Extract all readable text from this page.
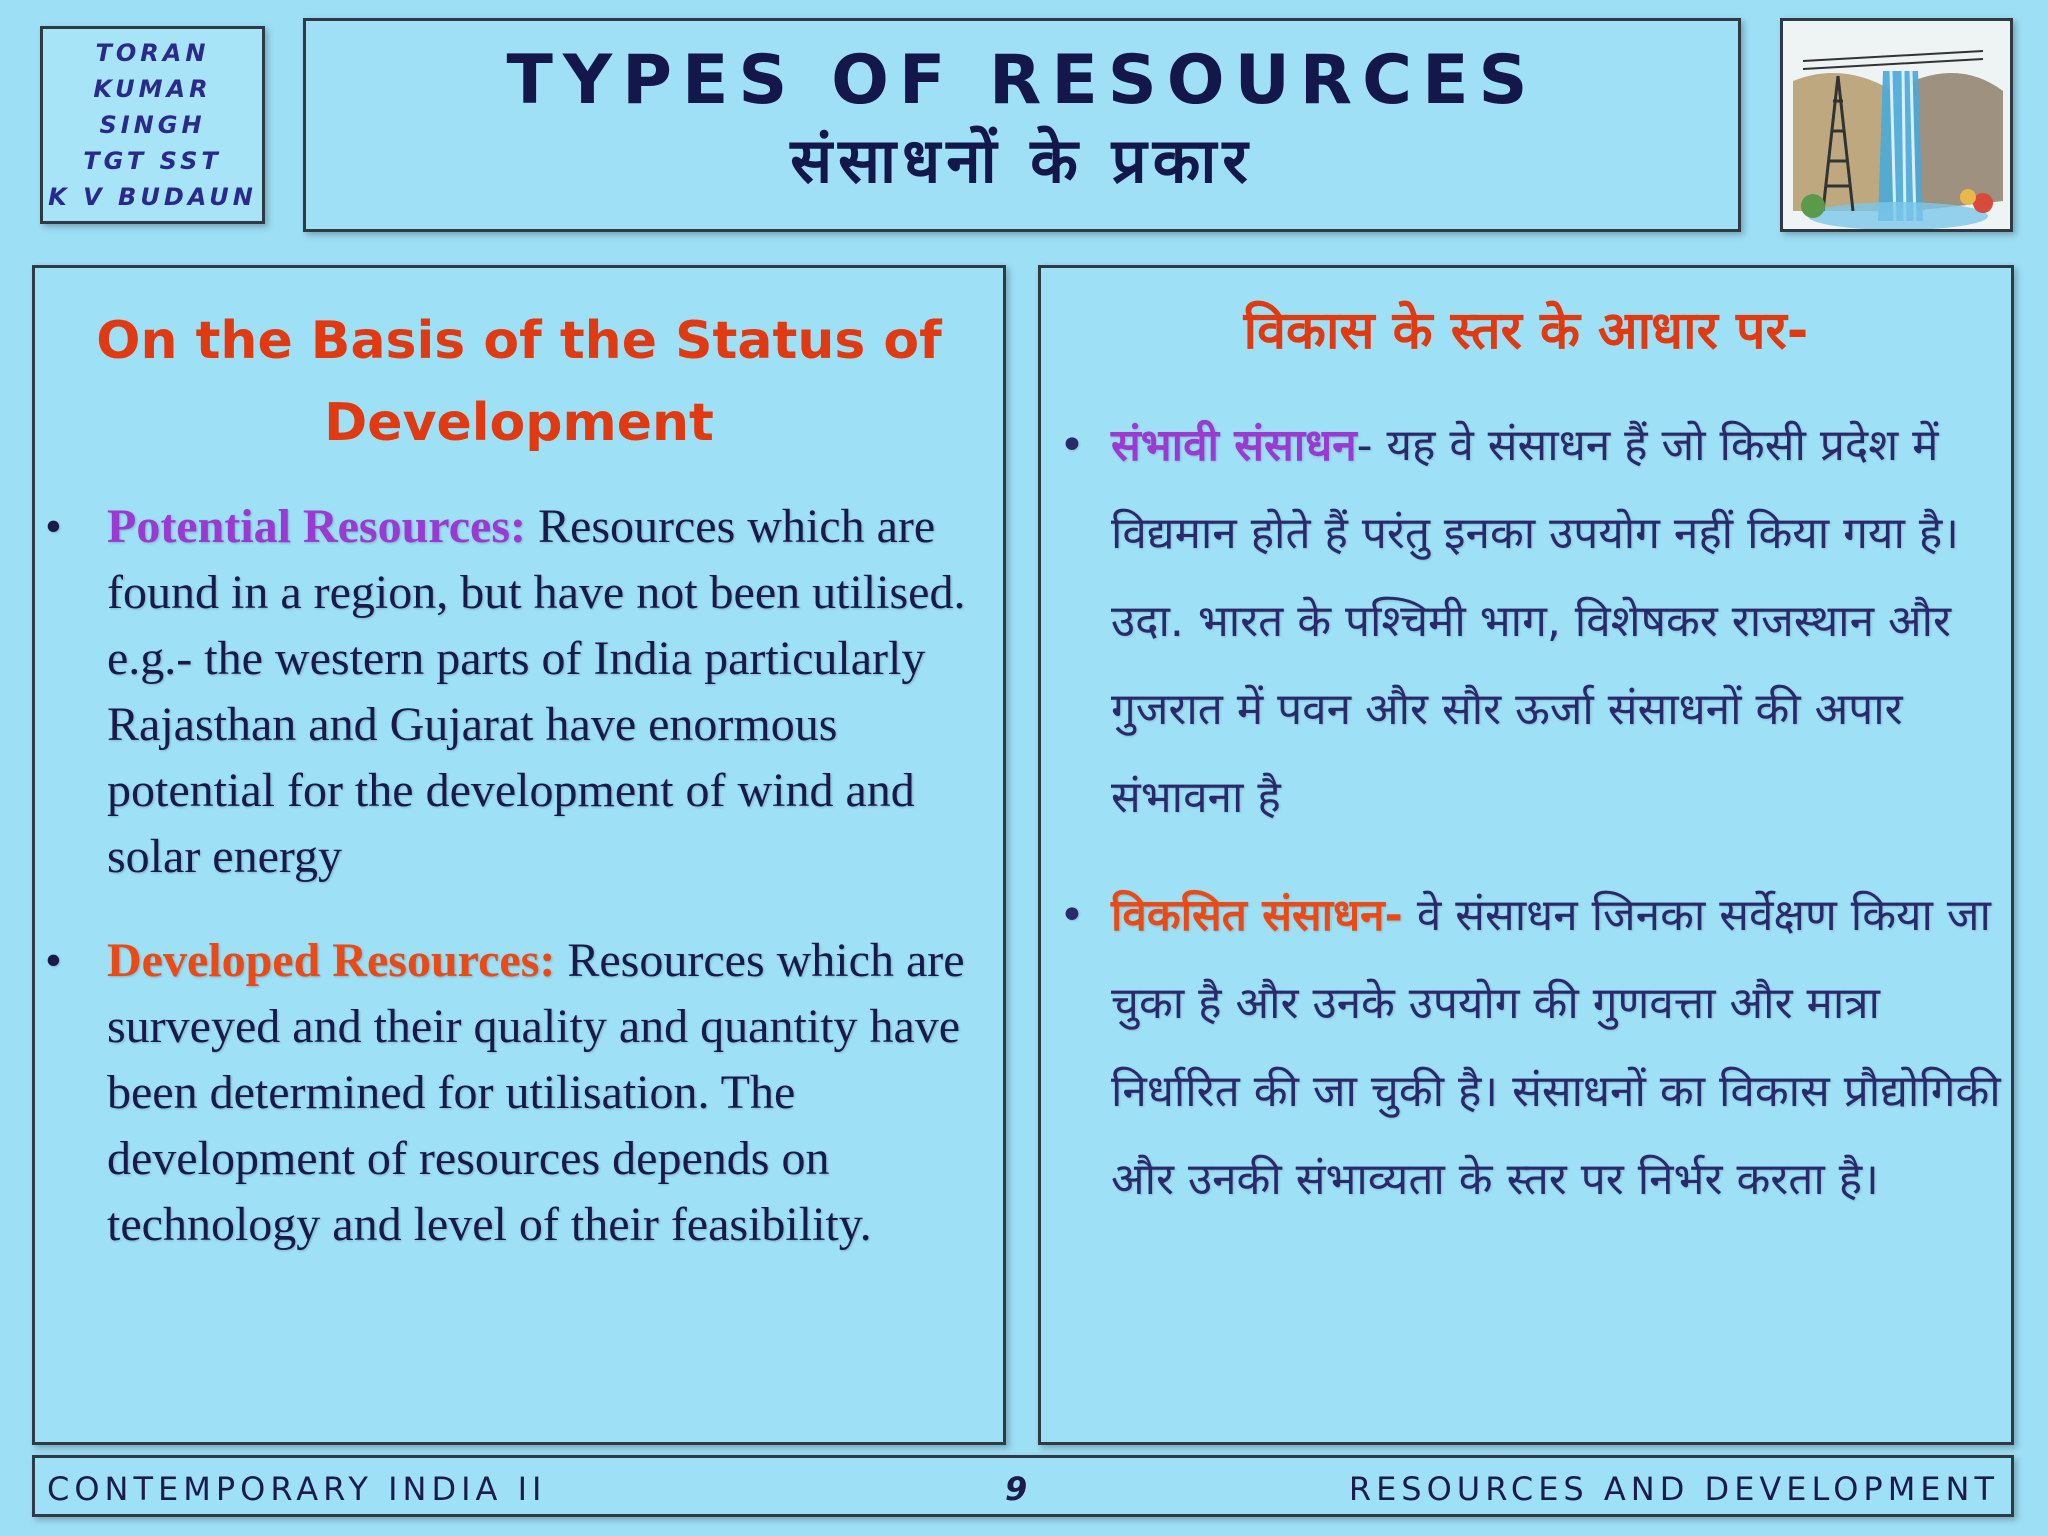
TORAN
KUMAR
SINGH
TGT SST
K V BUDAUN
TYPES OF RESOURCES
संसाधनों के प्रकार
On the Basis of the Status of
Development
• Potential Resources: Resources which are found in a region, but have not been utilised. e.g.- the western parts of India particularly Rajasthan and Gujarat have enormous potential for the development of wind and solar energy
• Developed Resources: Resources which are surveyed and their quality and quantity have been determined for utilisation. The development of resources depends on technology and level of their feasibility.
विकास के स्तर के आधार पर-
• संभावी संसाधन- यह वे संसाधन हैं जो किसी प्रदेश में विद्यमान होते हैं परंतु इनका उपयोग नहीं किया गया है। उदा. भारत के पश्चिमी भाग, विशेषकर राजस्थान और गुजरात में पवन और सौर ऊर्जा संसाधनों की अपार संभावना है
• विकसित संसाधन- वे संसाधन जिनका सर्वेक्षण किया जा चुका है और उनके उपयोग की गुणवत्ता और मात्रा निर्धारित की जा चुकी है। संसाधनों का विकास प्रौद्योगिकी और उनकी संभाव्यता के स्तर पर निर्भर करता है।
CONTEMPORARY INDIA II	9	RESOURCES AND DEVELOPMENT
